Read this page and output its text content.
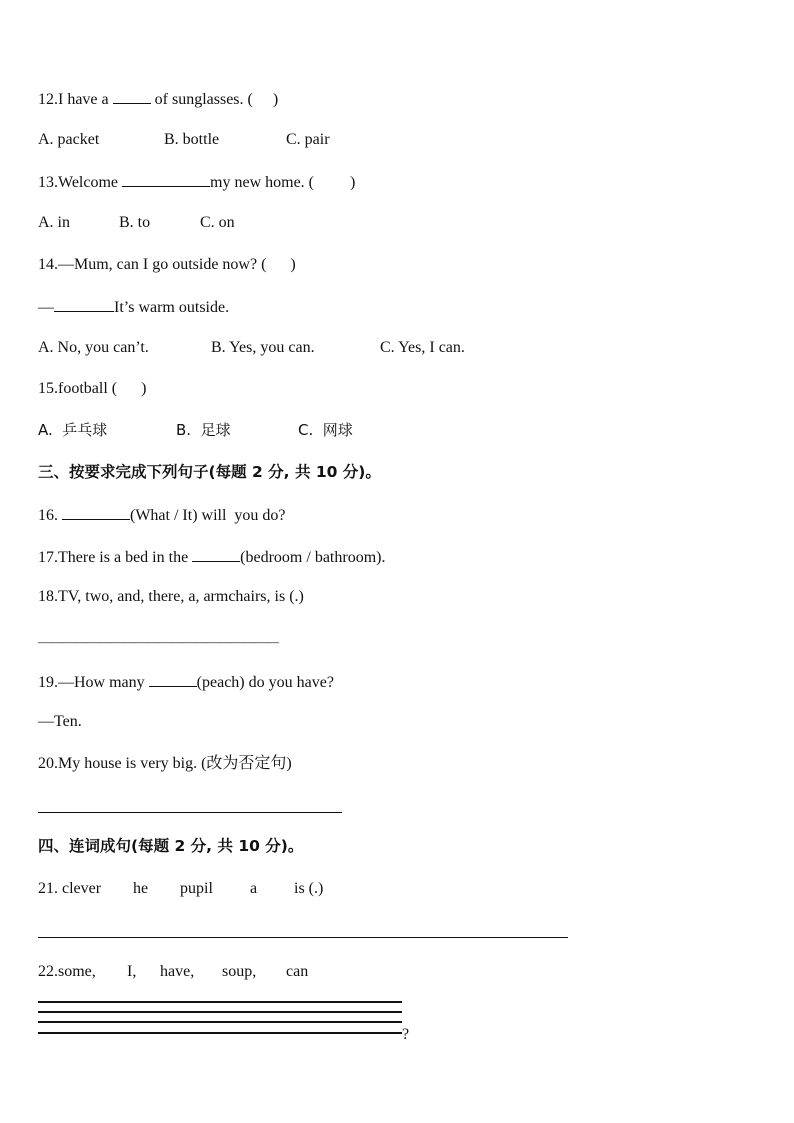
12.I have a  of sunglasses. (     )
A. packet	B. bottle	C. pair
13.Welcome	my new home. (         )
A. in	B. to	C. on
14.—Mum, can I go outside now? (      )
—	It’s warm outside.
A. No, you can’t.	B. Yes, you can.	C. Yes, I can.
15.football (      )
A.  乒乓球	B.  足球	C.  网球
三、按要求完成下列句子(每题 2 分, 共 10 分)。
16.	(What / It) will  you do?
17.There is a bed in the	(bedroom / bathroom).
18.TV, two, and, there, a, armchairs, is (.)
————————————————————
19.—How many	(peach) do you have?
—Ten.
20.My house is very big. (改为否定句)
四、连词成句(每题 2 分, 共 10 分)。
21. clever he pupil a is (.)
22.some, I, have, soup, can
?
